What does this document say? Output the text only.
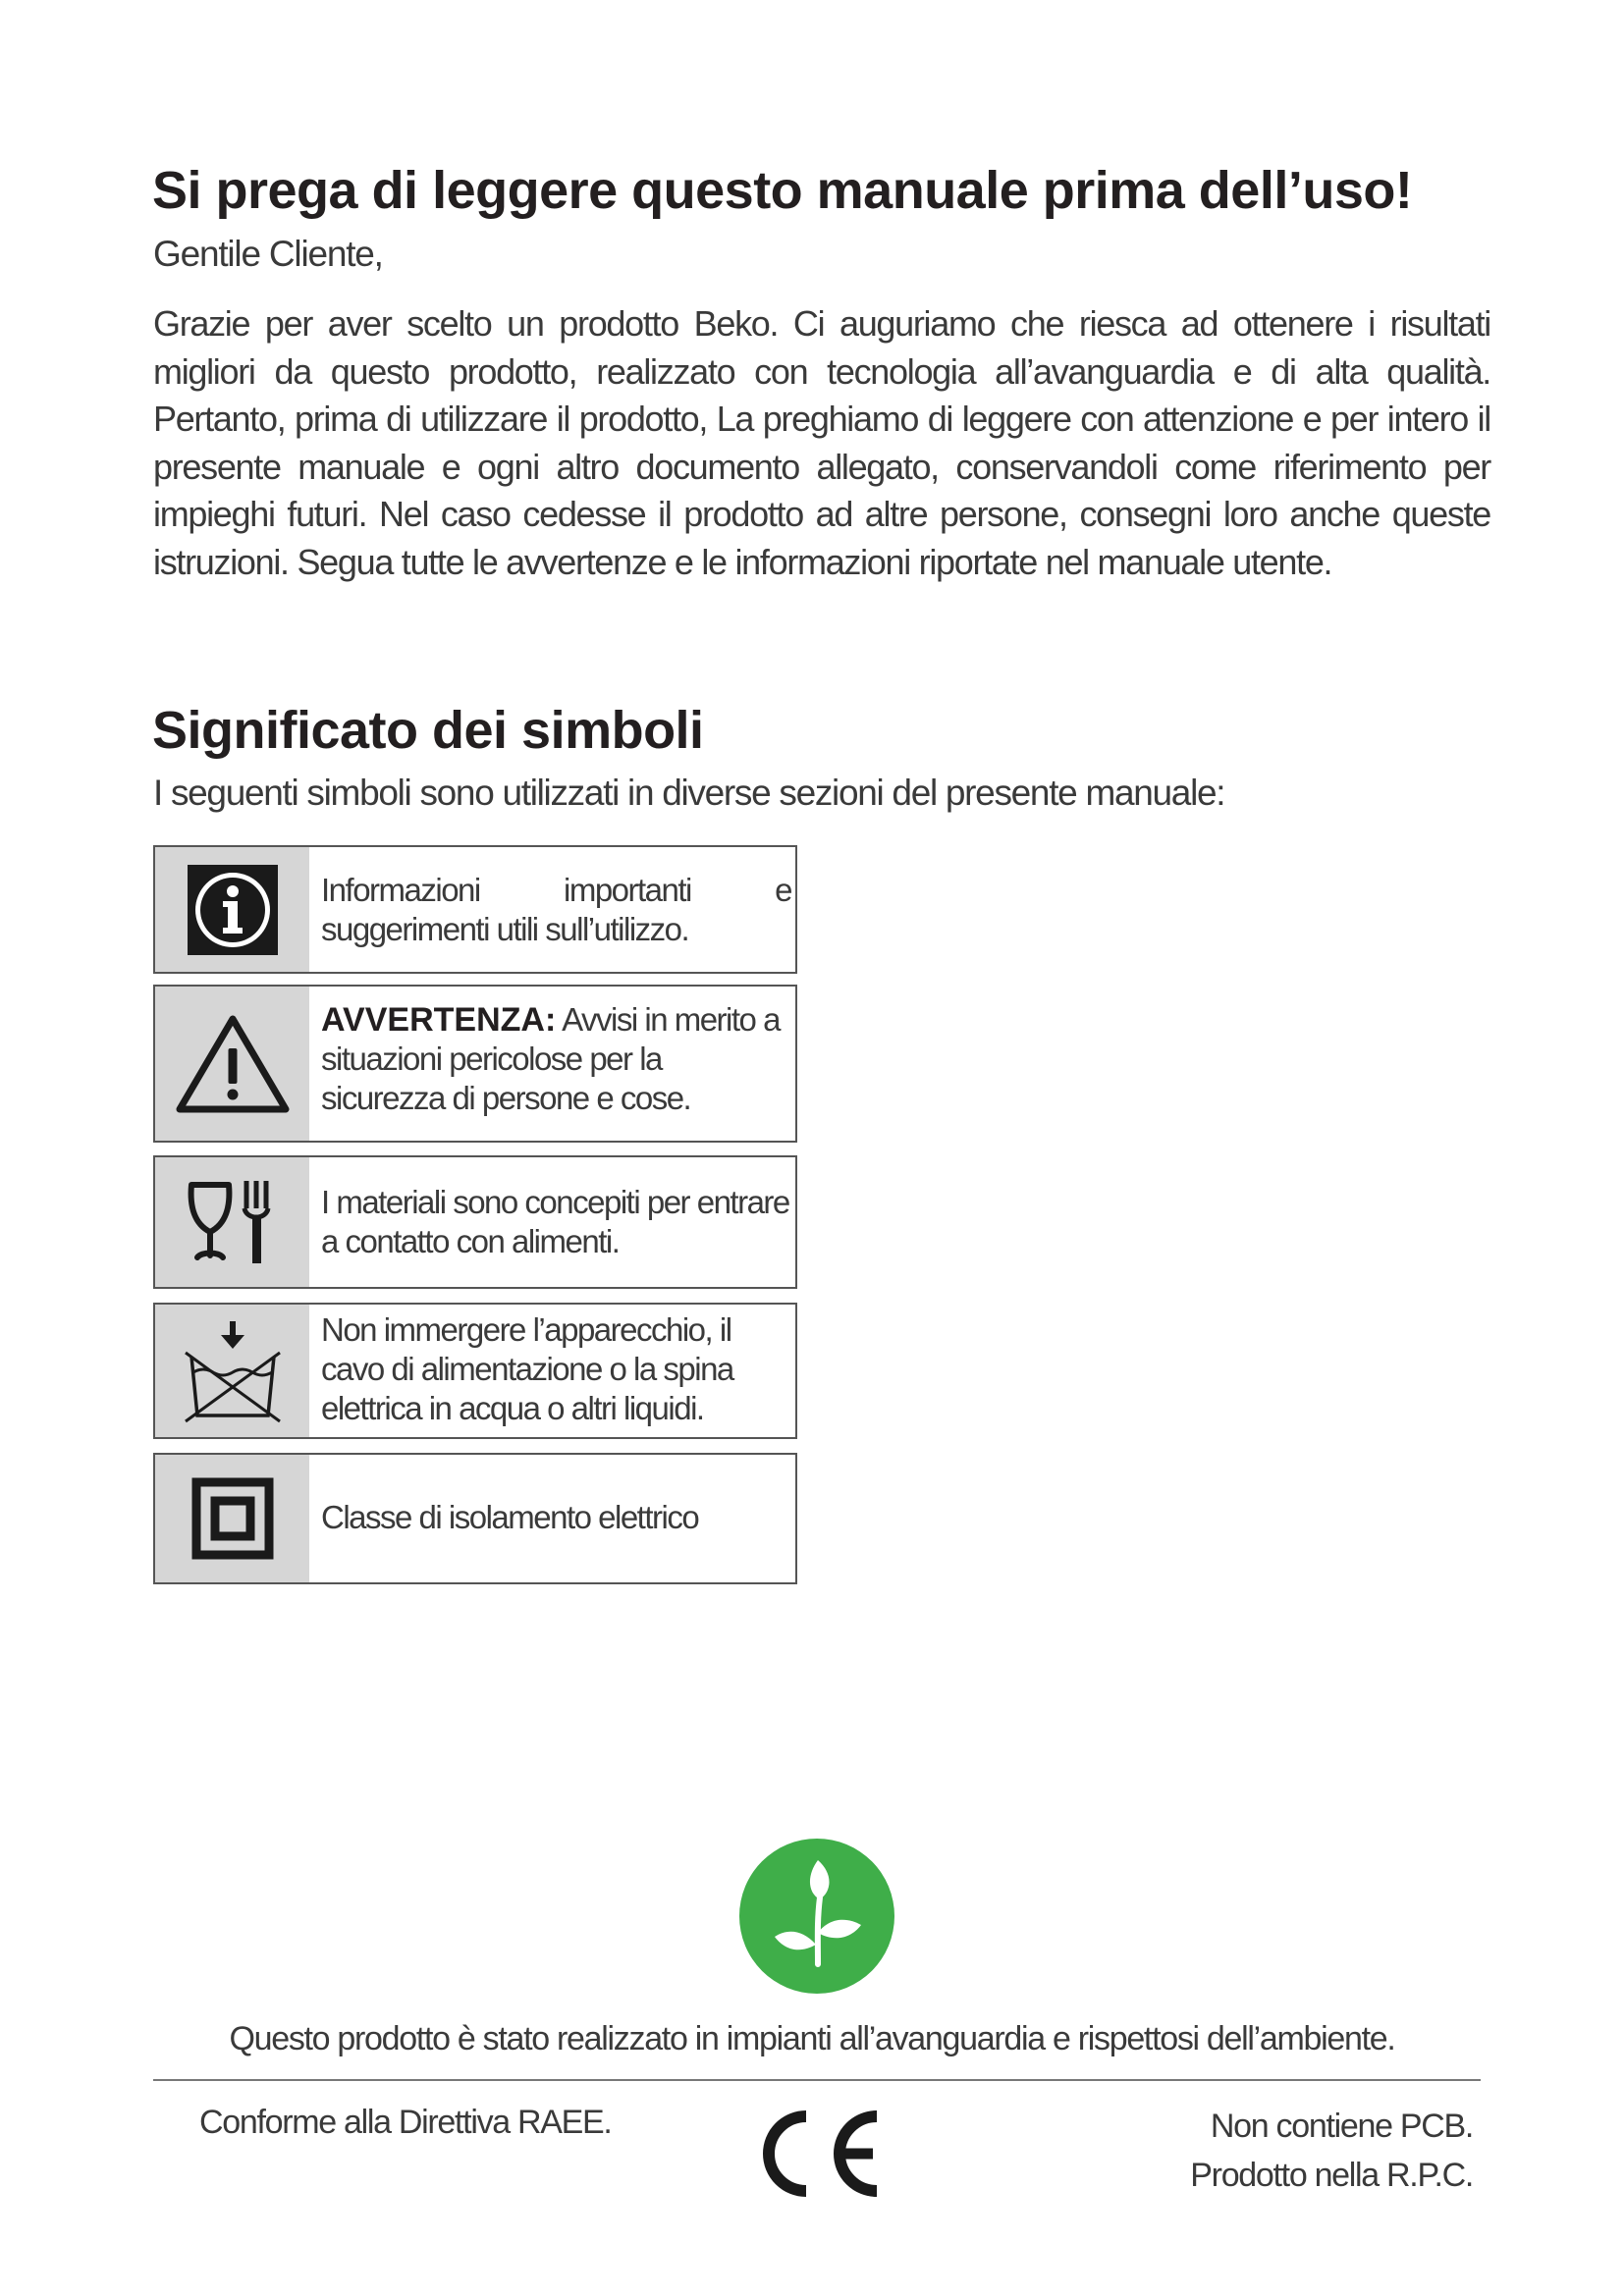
Si prega di leggere questo manuale prima dell’uso!
Gentile Cliente,
Grazie per aver scelto un prodotto Beko. Ci auguriamo che riesca ad ottenere i risultati migliori da questo prodotto, realizzato con tecnologia all’avanguardia e di alta qualità. Pertanto, prima di utilizzare il prodotto, La preghiamo di leggere con attenzione e per intero il presente manuale e ogni altro documento allegato, conservandoli come riferimento per impieghi futuri. Nel caso cedesse il prodotto ad altre persone, consegni loro anche queste istruzioni. Segua tutte le avvertenze e le informazioni riportate nel manuale utente.
Significato dei simboli
I seguenti simboli sono utilizzati in diverse sezioni del presente manuale:
Informazioni importanti e suggerimenti utili sull’utilizzo.
AVVERTENZA: Avvisi in merito a situazioni pericolose per la sicurezza di persone e cose.
I materiali sono concepiti per entrare a contatto con alimenti.
Non immergere l’apparecchio, il cavo di alimentazione o la spina elettrica in acqua o altri liquidi.
Classe di isolamento elettrico
Questo prodotto è stato realizzato in impianti all’avanguardia e rispettosi dell’ambiente.
Conforme alla Direttiva RAEE.	Non contiene PCB.
Prodotto nella R.P.C.
